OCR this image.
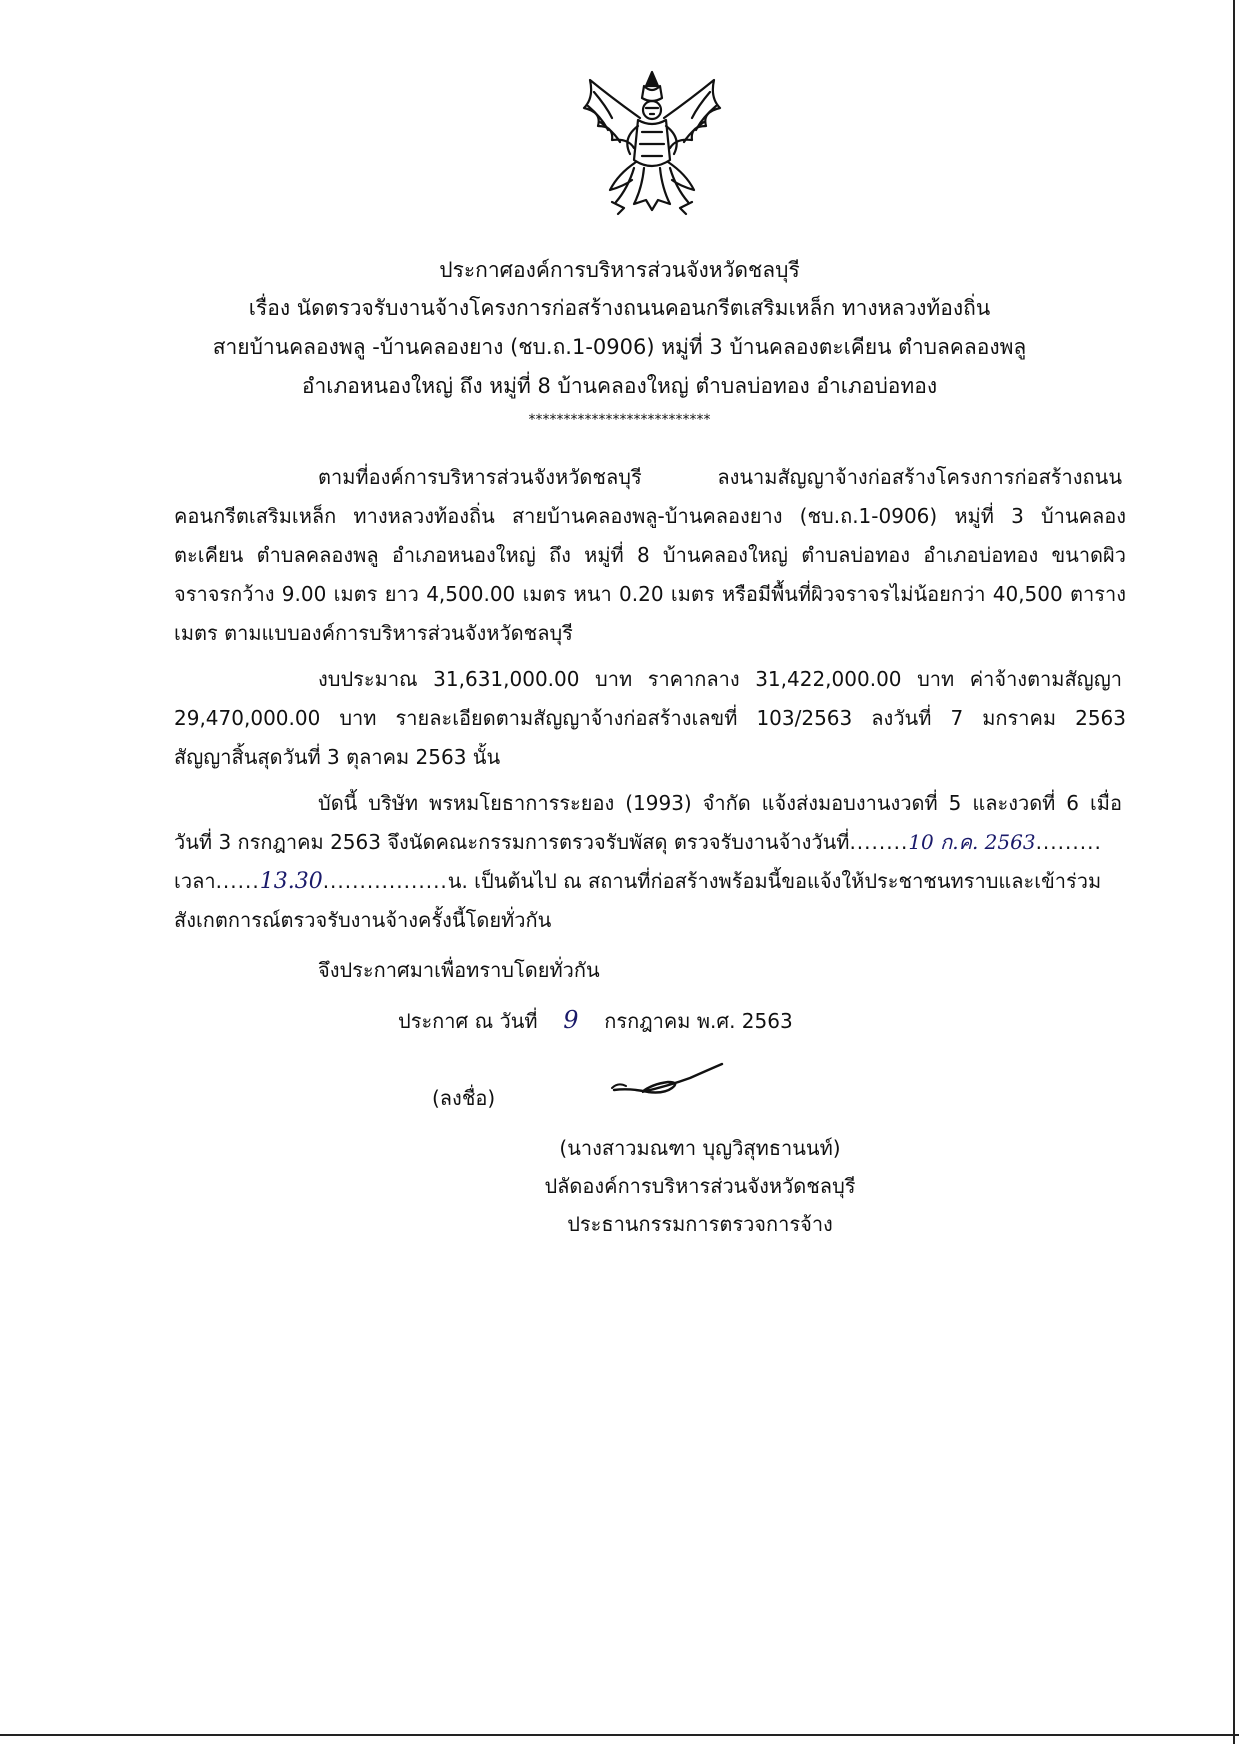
ประกาศองค์การบริหารส่วนจังหวัดชลบุรี
เรื่อง นัดตรวจรับงานจ้างโครงการก่อสร้างถนนคอนกรีตเสริมเหล็ก ทางหลวงท้องถิ่น
สายบ้านคลองพลู -บ้านคลองยาง (ชบ.ถ.1-0906) หมู่ที่ 3 บ้านคลองตะเคียน ตำบลคลองพลู
อำเภอหนองใหญ่ ถึง หมู่ที่ 8 บ้านคลองใหญ่ ตำบลบ่อทอง อำเภอบ่อทอง
**************************
ตามที่องค์การบริหารส่วนจังหวัดชลบุรี ลงนามสัญญาจ้างก่อสร้างโครงการก่อสร้างถนน
คอนกรีตเสริมเหล็ก ทางหลวงท้องถิ่น สายบ้านคลองพลู-บ้านคลองยาง (ชบ.ถ.1-0906) หมู่ที่ 3 บ้านคลอง
ตะเคียน ตำบลคลองพลู อำเภอหนองใหญ่ ถึง หมู่ที่ 8 บ้านคลองใหญ่ ตำบลบ่อทอง อำเภอบ่อทอง ขนาดผิว
จราจรกว้าง 9.00 เมตร ยาว 4,500.00 เมตร หนา 0.20 เมตร หรือมีพื้นที่ผิวจราจรไม่น้อยกว่า 40,500 ตาราง
เมตร ตามแบบองค์การบริหารส่วนจังหวัดชลบุรี
งบประมาณ 31,631,000.00 บาท ราคากลาง 31,422,000.00 บาท ค่าจ้างตามสัญญา
29,470,000.00 บาท รายละเอียดตามสัญญาจ้างก่อสร้างเลขที่ 103/2563 ลงวันที่ 7 มกราคม 2563
สัญญาสิ้นสุดวันที่ 3 ตุลาคม 2563 นั้น
บัดนี้ บริษัท พรหมโยธาการระยอง (1993) จำกัด แจ้งส่งมอบงานงวดที่ 5 และงวดที่ 6 เมื่อ
วันที่ 3 กรกฎาคม 2563 จึงนัดคณะกรรมการตรวจรับพัสดุ ตรวจรับงานจ้างวันที่........10 ก.ค. 2563.........
เวลา......13.30.................น. เป็นต้นไป ณ สถานที่ก่อสร้างพร้อมนี้ขอแจ้งให้ประชาชนทราบและเข้าร่วม
สังเกตการณ์ตรวจรับงานจ้างครั้งนี้โดยทั่วกัน
จึงประกาศมาเพื่อทราบโดยทั่วกัน
ประกาศ ณ วันที่ 9 กรกฎาคม พ.ศ. 2563
(ลงชื่อ)
(นางสาวมณฑา บุญวิสุทธานนท์)
ปลัดองค์การบริหารส่วนจังหวัดชลบุรี
ประธานกรรมการตรวจการจ้าง
